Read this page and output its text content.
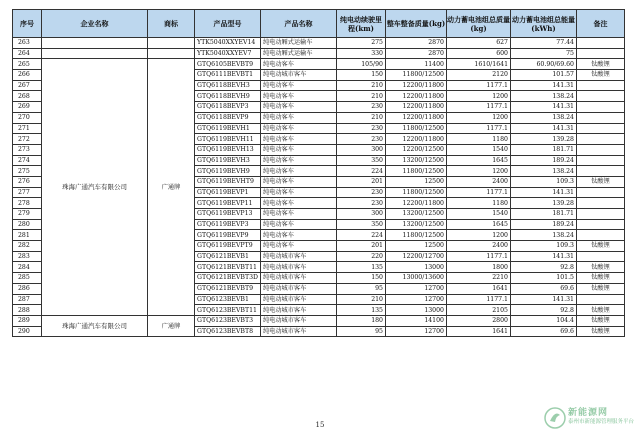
序号	企业名称	商标	产品型号	产品名称	纯电动续驶里程(km)	整车整备质量(kg)	动力蓄电池组总质量(kg)	动力蓄电池组总能量(kWh)	备注
263			YTK5040XXYEV14	纯电动厢式运输车	275	2870	627	77.44	
264			YTK5040XXYEV7	纯电动厢式运输车	330	2870	600	75	
265	珠海广通汽车有限公司	广通牌	GTQ6105BEVBT9	纯电动客车	105/90	11400	1610/1641	60.90/69.60	钛酸锂
266			GTQ6111BEVBT1	纯电动城市客车	150	11800/12500	2120	101.57	钛酸锂
267			GTQ6118BEVH3	纯电动客车	210	12200/11800	1177.1	141.31	
268			GTQ6118BEVH9	纯电动客车	210	12200/11800	1200	138.24	
269			GTQ6118BEVP3	纯电动客车	230	12200/11800	1177.1	141.31	
270			GTQ6118BEVP9	纯电动客车	210	12200/11800	1200	138.24	
271			GTQ6119BEVH1	纯电动客车	230	11800/12500	1177.1	141.31	
272			GTQ6119BEVH11	纯电动客车	230	12200/11800	1180	139.28	
273			GTQ6119BEVH13	纯电动客车	300	12200/12500	1540	181.71	
274			GTQ6119BEVH3	纯电动客车	350	13200/12500	1645	189.24	
275			GTQ6119BEVH9	纯电动客车	224	11800/12500	1200	138.24	
276			GTQ6119BEVHT9	纯电动客车	201	12500	2400	109.3	钛酸锂
277			GTQ6119BEVP1	纯电动客车	230	11800/12500	1177.1	141.31	
278			GTQ6119BEVP11	纯电动客车	230	12200/11800	1180	139.28	
279			GTQ6119BEVP13	纯电动客车	300	13200/12500	1540	181.71	
280			GTQ6119BEVP3	纯电动客车	350	13200/12500	1645	189.24	
281			GTQ6119BEVP9	纯电动客车	224	11800/12500	1200	138.24	
282			GTQ6119BEVPT9	纯电动客车	201	12500	2400	109.3	钛酸锂
283			GTQ6121BEVB1	纯电动城市客车	220	12200/12700	1177.1	141.31	
284			GTQ6121BEVBT11	纯电动城市客车	135	13000	1800	92.8	钛酸锂
285			GTQ6121BEVBT3D	纯电动城市客车	150	13000/13600	2210	101.5	钛酸锂
286			GTQ6121BEVBT9	纯电动城市客车	95	12700	1641	69.6	钛酸锂
287			GTQ6123BEVB1	纯电动城市客车	210	12700	1177.1	141.31	
288			GTQ6123BEVBT11	纯电动城市客车	135	13000	2105	92.8	钛酸锂
289	珠海广通汽车有限公司	广通牌	GTQ6123BEVBT3	纯电动城市客车	180	14100	2800	104.4	钛酸锂
290			GTQ6123BEVBT8	纯电动城市客车	95	12700	1641	69.6	钛酸锂
15
新能源网
泰州市新能源管理服务平台
